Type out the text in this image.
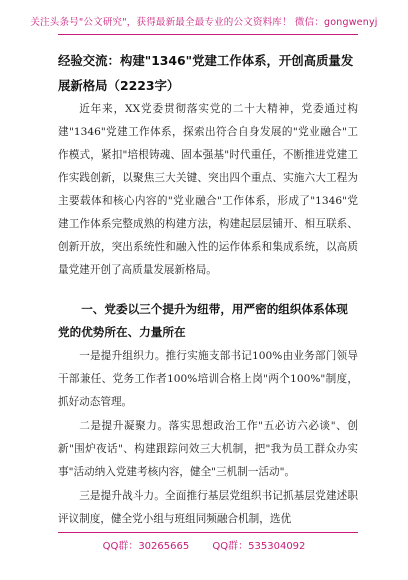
关注头条号"公文研究"，获得最新最全最专业的公文资料库！ 微信：gongwenyj
经验交流：构建"1346"党建工作体系，开创高质量发展新格局（2223字）
近年来，XX党委贯彻落实党的二十大精神，党委通过构建"1346"党建工作体系，探索出符合自身发展的"党业融合"工作模式，紧扣"培根铸魂、固本强基"时代重任，不断推进党建工作实践创新，以聚焦三大关键、突出四个重点、实施六大工程为主要载体和核心内容的"党业融合"工作体系，形成了"1346"党建工作体系完整成熟的构建方法，构建起层层铺开、相互联系、创新开放，突出系统性和融入性的运作体系和集成系统，以高质量党建开创了高质量发展新格局。
一、党委以三个提升为纽带，用严密的组织体系体现党的优势所在、力量所在
一是提升组织力。推行实施支部书记100%由业务部门领导干部兼任、党务工作者100%培训合格上岗"两个100%"制度，抓好动态管理。
二是提升凝聚力。落实思想政治工作"五必访六必谈"、创新"围炉夜话"、构建跟踪问效三大机制，把"我为员工群众办实事"活动纳入党建考核内容，健全"三机制一活动"。
三是提升战斗力。全面推行基层党组织书记抓基层党建述职评议制度，健全党小组与班组同频融合机制，选优
QQ群：30265665 QQ群：535304092
